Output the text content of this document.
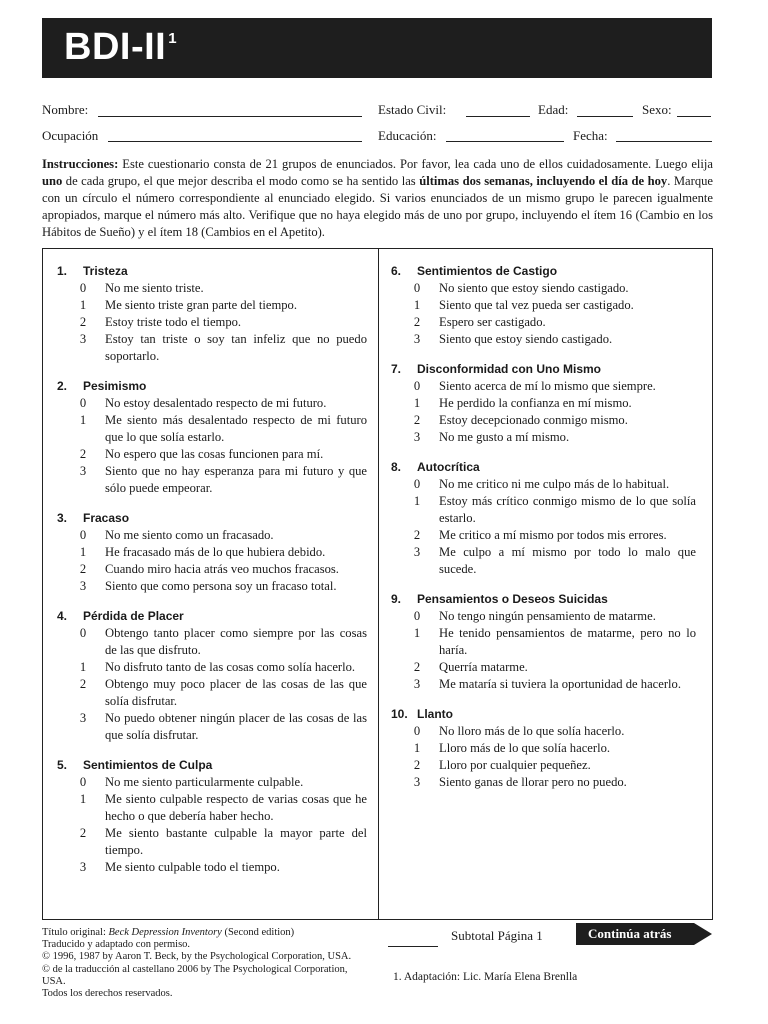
BDI-II $^1$
Nombre:	Estado Civil:	Edad:	Sexo:
Ocupación	Educación:	Fecha:
Instrucciones: Este cuestionario consta de 21 grupos de enunciados. Por favor, lea cada uno de ellos cuidadosamente. Luego elija uno de cada grupo, el que mejor describa el modo como se ha sentido las últimas dos semanas, incluyendo el día de hoy. Marque con un círculo el número correspondiente al enunciado elegido. Si varios enunciados de un mismo grupo le parecen igualmente apropiados, marque el número más alto. Verifique que no haya elegido más de uno por grupo, incluyendo el ítem 16 (Cambio en los Hábitos de Sueño) y el ítem 18 (Cambios en el Apetito).
1.	Tristeza
0	No me siento triste.
1	Me siento triste gran parte del tiempo.
2	Estoy triste todo el tiempo.
3	Estoy tan triste o soy tan infeliz que no puedo soportarlo.
2.	Pesimismo
0	No estoy desalentado respecto de mi futuro.
1	Me siento más desalentado respecto de mi futuro que lo que solía estarlo.
2	No espero que las cosas funcionen para mí.
3	Siento que no hay esperanza para mi futuro y que sólo puede empeorar.
3.	Fracaso
0	No me siento como un fracasado.
1	He fracasado más de lo que hubiera debido.
2	Cuando miro hacia atrás veo muchos fracasos.
3	Siento que como persona soy un fracaso total.
4.	Pérdida de Placer
0	Obtengo tanto placer como siempre por las cosas de las que disfruto.
1	No disfruto tanto de las cosas como solía hacerlo.
2	Obtengo muy poco placer de las cosas de las que solía disfrutar.
3	No puedo obtener ningún placer de las cosas de las que solía disfrutar.
5.	Sentimientos de Culpa
0	No me siento particularmente culpable.
1	Me siento culpable respecto de varias cosas que he hecho o que debería haber hecho.
2	Me siento bastante culpable la mayor parte del tiempo.
3	Me siento culpable todo el tiempo.
6.	Sentimientos de Castigo
0	No siento que estoy siendo castigado.
1	Siento que tal vez pueda ser castigado.
2	Espero ser castigado.
3	Siento que estoy siendo castigado.
7.	Disconformidad con Uno Mismo
0	Siento acerca de mí lo mismo que siempre.
1	He perdido la confianza en mí mismo.
2	Estoy decepcionado conmigo mismo.
3	No me gusto a mí mismo.
8.	Autocrítica
0	No me critico ni me culpo más de lo habitual.
1	Estoy más crítico conmigo mismo de lo que solía estarlo.
2	Me critico a mí mismo por todos mis errores.
3	Me culpo a mí mismo por todo lo malo que sucede.
9.	Pensamientos o Deseos Suicidas
0	No tengo ningún pensamiento de matarme.
1	He tenido pensamientos de matarme, pero no lo haría.
2	Querría matarme.
3	Me mataría si tuviera la oportunidad de hacerlo.
10. Llanto
0	No lloro más de lo que solía hacerlo.
1	Lloro más de lo que solía hacerlo.
2	Lloro por cualquier pequeñez.
3	Siento ganas de llorar pero no puedo.
Título original: Beck Depression Inventory (Second edition)
Traducido y adaptado con permiso.
© 1996, 1987 by Aaron T. Beck, by the Psychological Corporation, USA.
© de la traducción al castellano 2006 by The Psychological Corporation, USA.
Todos los derechos reservados.
Subtotal Página 1	Continúa atrás
1. Adaptación: Lic. María Elena Brenlla
